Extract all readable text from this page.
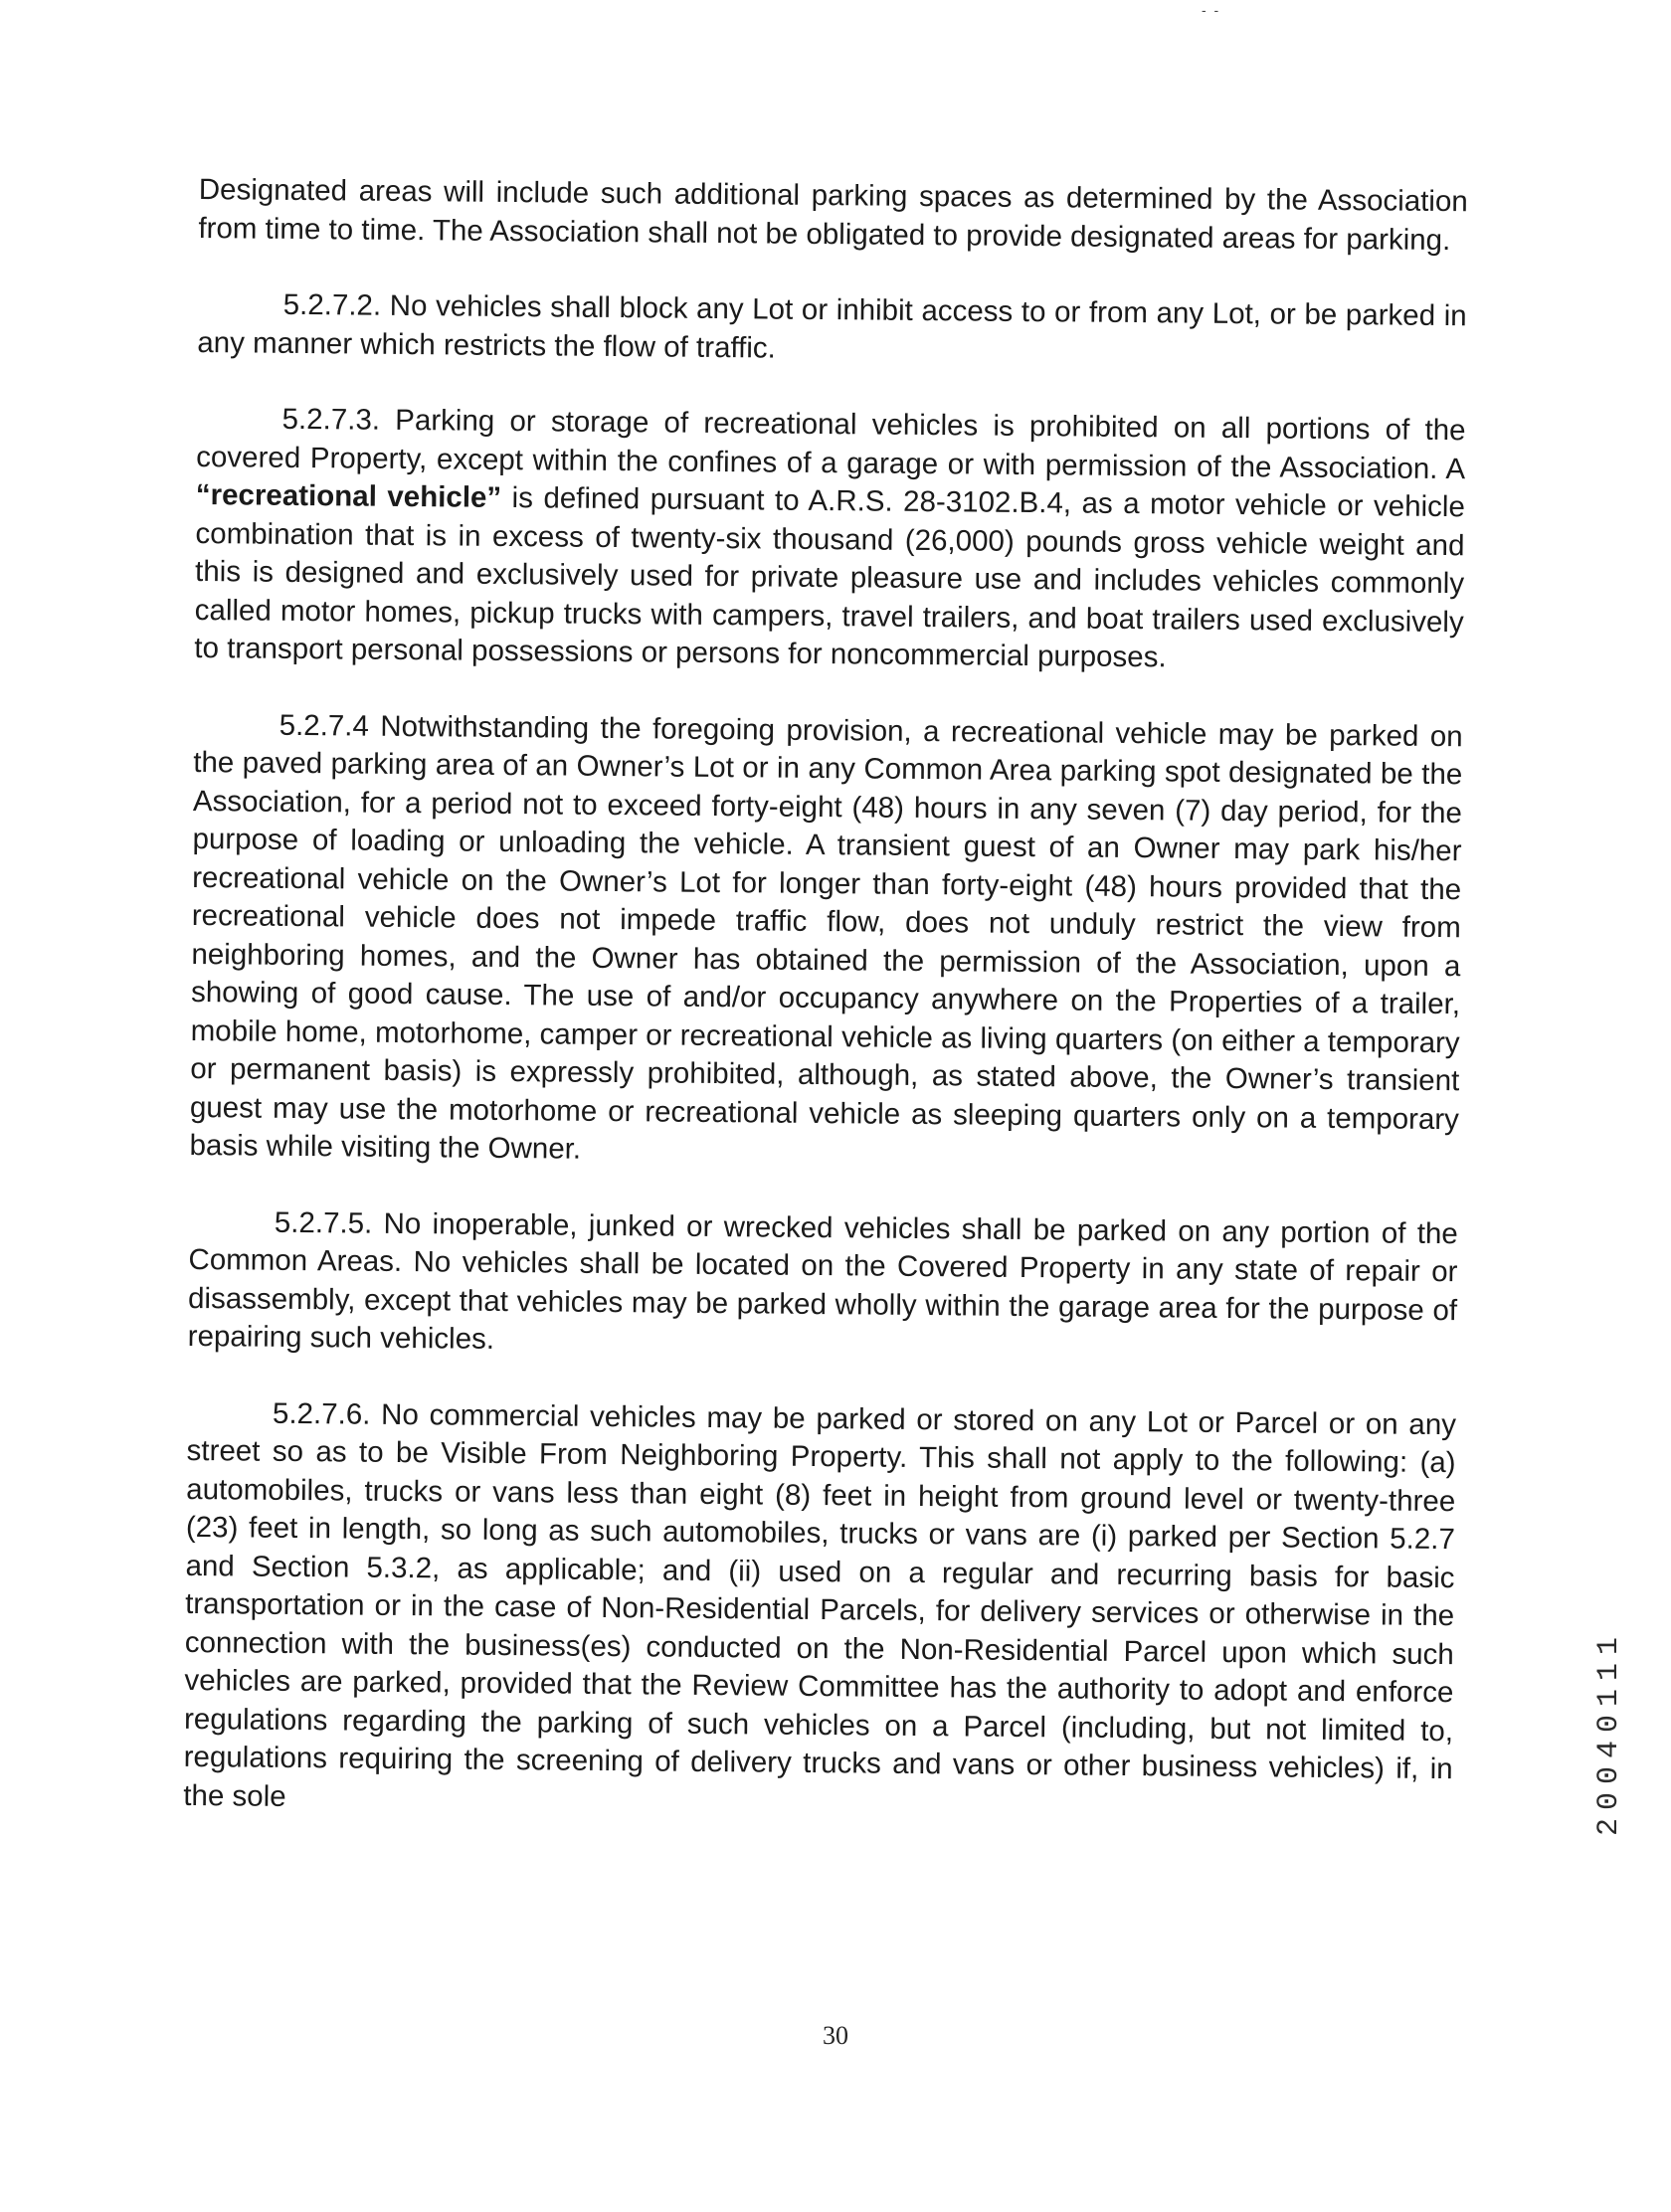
- -

Designated areas will include such additional parking spaces as determined by the Association from time to time. The Association shall not be obligated to provide designated areas for parking.

5.2.7.2. No vehicles shall block any Lot or inhibit access to or from any Lot, or be parked in any manner which restricts the flow of traffic.

5.2.7.3. Parking or storage of recreational vehicles is prohibited on all portions of the covered Property, except within the confines of a garage or with permission of the Association. A “recreational vehicle” is defined pursuant to A.R.S. 28-3102.B.4, as a motor vehicle or vehicle combination that is in excess of twenty-six thousand (26,000) pounds gross vehicle weight and this is designed and exclusively used for private pleasure use and includes vehicles commonly called motor homes, pickup trucks with campers, travel trailers, and boat trailers used exclusively to transport personal possessions or persons for noncommercial purposes.

5.2.7.4 Notwithstanding the foregoing provision, a recreational vehicle may be parked on the paved parking area of an Owner’s Lot or in any Common Area parking spot designated be the Association, for a period not to exceed forty-eight (48) hours in any seven (7) day period, for the purpose of loading or unloading the vehicle. A transient guest of an Owner may park his/her recreational vehicle on the Owner’s Lot for longer than forty-eight (48) hours provided that the recreational vehicle does not impede traffic flow, does not unduly restrict the view from neighboring homes, and the Owner has obtained the permission of the Association, upon a showing of good cause. The use of and/or occupancy anywhere on the Properties of a trailer, mobile home, motorhome, camper or recreational vehicle as living quarters (on either a temporary or permanent basis) is expressly prohibited, although, as stated above, the Owner’s transient guest may use the motorhome or recreational vehicle as sleeping quarters only on a temporary basis while visiting the Owner.

5.2.7.5. No inoperable, junked or wrecked vehicles shall be parked on any portion of the Common Areas. No vehicles shall be located on the Covered Property in any state of repair or disassembly, except that vehicles may be parked wholly within the garage area for the purpose of repairing such vehicles.

5.2.7.6. No commercial vehicles may be parked or stored on any Lot or Parcel or on any street so as to be Visible From Neighboring Property. This shall not apply to the following: (a) automobiles, trucks or vans less than eight (8) feet in height from ground level or twenty-three (23) feet in length, so long as such automobiles, trucks or vans are (i) parked per Section 5.2.7 and Section 5.3.2, as applicable; and (ii) used on a regular and recurring basis for basic transportation or in the case of Non-Residential Parcels, for delivery services or otherwise in the connection with the business(es) conducted on the Non-Residential Parcel upon which such vehicles are parked, provided that the Review Committee has the authority to adopt and enforce regulations regarding the parking of such vehicles on a Parcel (including, but not limited to, regulations requiring the screening of delivery trucks and vans or other business vehicles) if, in the sole	20040111
30
